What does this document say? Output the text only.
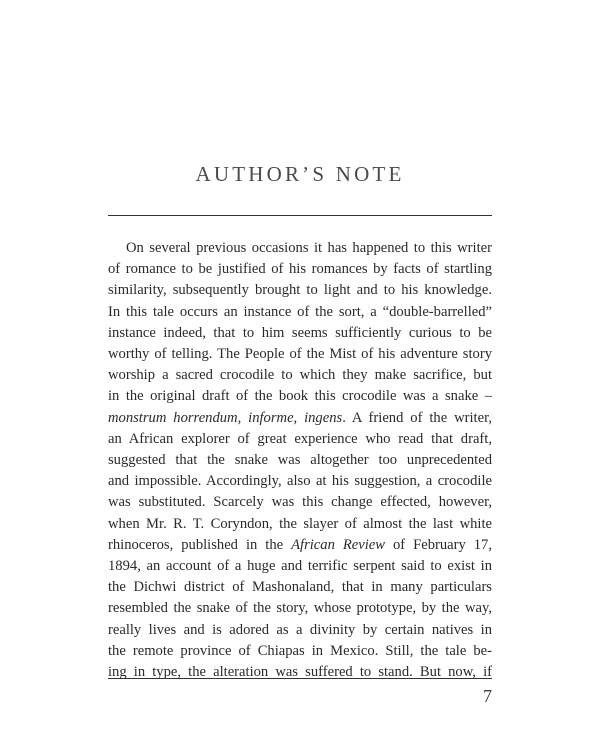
AUTHOR’S NOTE
On several previous occasions it has happened to this writer
of romance to be justified of his romances by facts of startling
similarity, subsequently brought to light and to his knowledge.
In this tale occurs an instance of the sort, a “double-barrelled”
instance indeed, that to him seems sufficiently curious to be
worthy of telling. The People of the Mist of his adventure story
worship a sacred crocodile to which they make sacrifice, but
in the original draft of the book this crocodile was a snake –
monstrum horrendum, informe, ingens. A friend of the writer,
an African explorer of great experience who read that draft,
suggested that the snake was altogether too unprecedented
and impossible. Accordingly, also at his suggestion, a crocodile
was substituted. Scarcely was this change effected, however,
when Mr. R. T. Coryndon, the slayer of almost the last white
rhinoceros, published in the African Review of February 17,
1894, an account of a huge and terrific serpent said to exist in
the Dichwi district of Mashonaland, that in many particulars
resembled the snake of the story, whose prototype, by the way,
really lives and is adored as a divinity by certain natives in
the remote province of Chiapas in Mexico. Still, the tale be-
ing in type, the alteration was suffered to stand. But now, if
7
